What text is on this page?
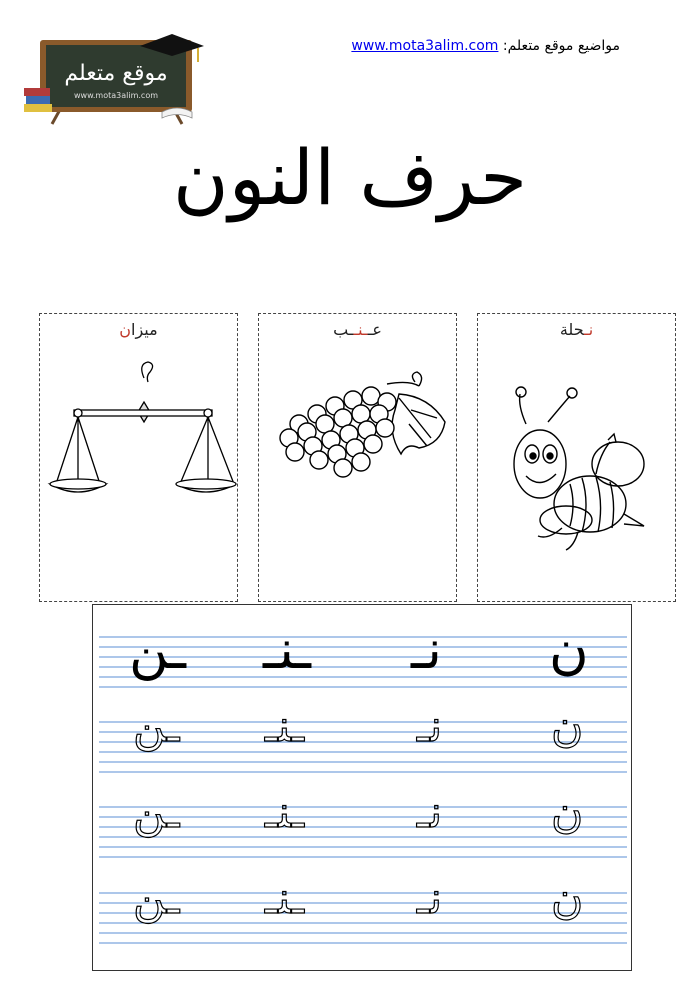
موقع متعلم
www.mota3alim.com
مواضيع موقع متعلم: www.mota3alim.com
حرف النون
نـحلة
عــنــب
ميزان
ـن ـنـ نـ ن
ـن ـنـ	نـ ن
ـن ـنـ	نـ ن
ـن ـنـ	نـ ن
